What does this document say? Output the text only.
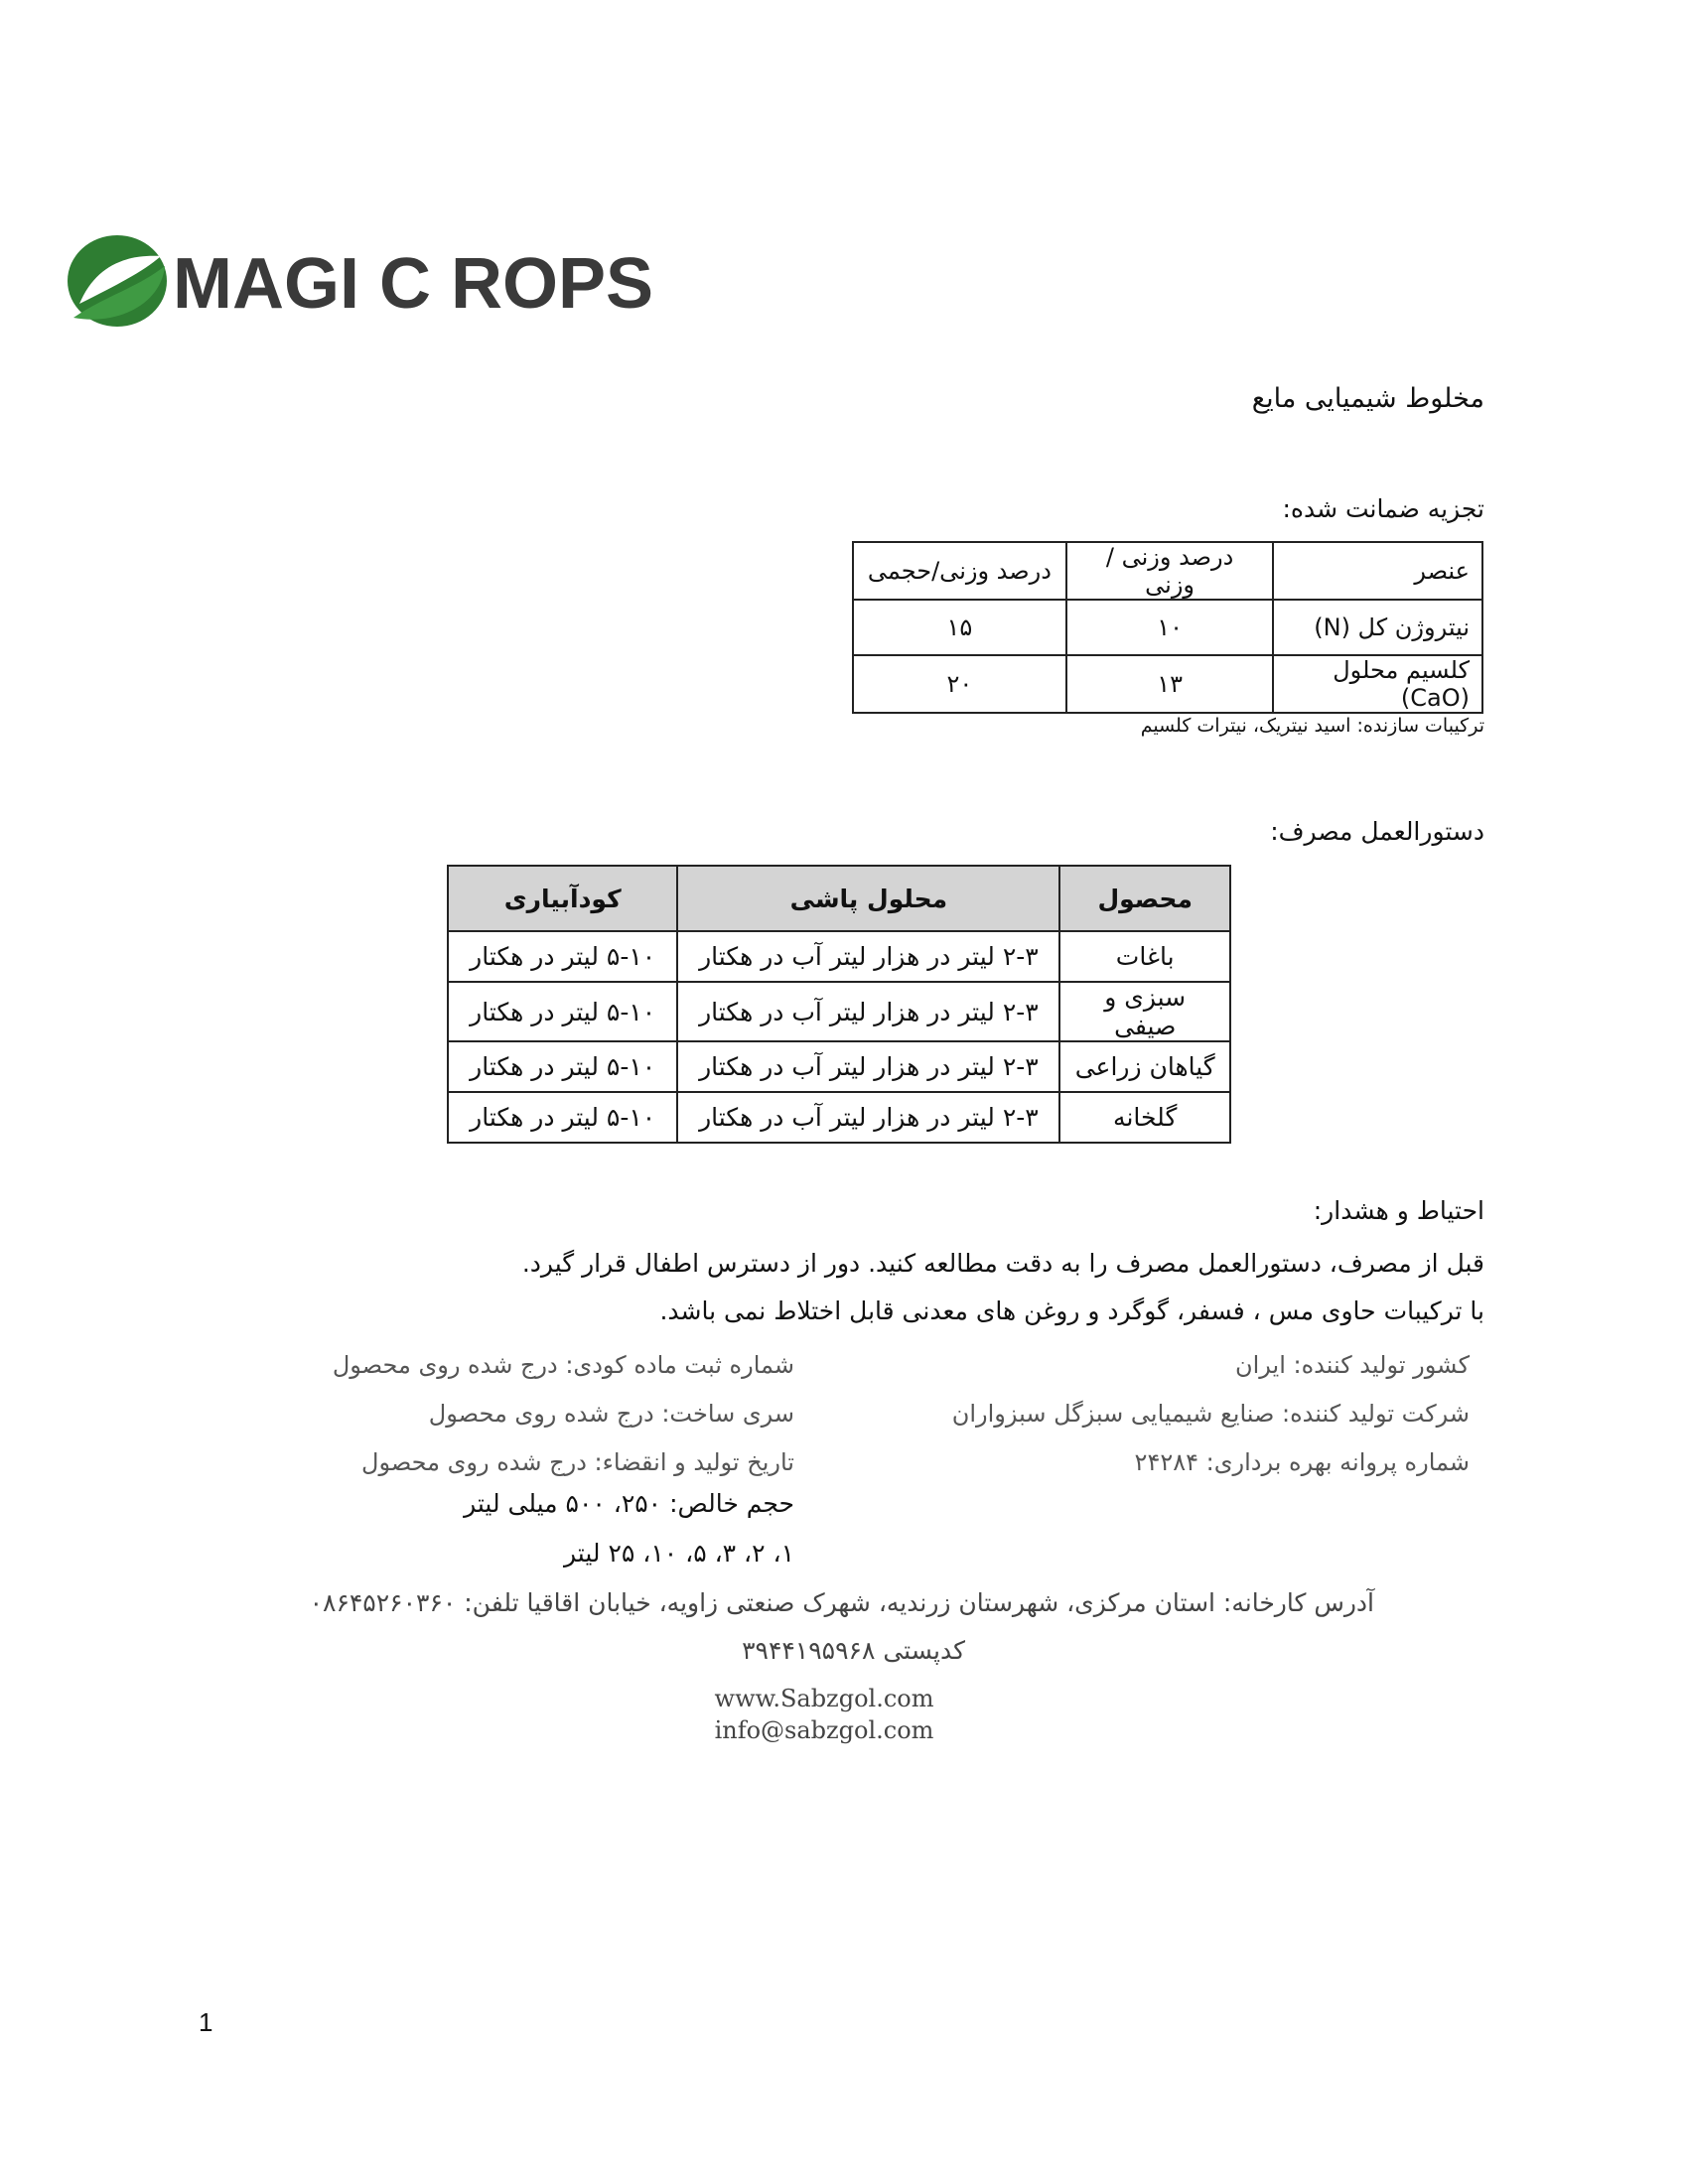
MAGI C ROPS
مخلوط شیمیایی مایع
تجزیه ضمانت شده:
عنصر	درصد وزنی / وزنی	درصد وزنی/حجمی
نیتروژن کل (N)	۱۰	۱۵
کلسیم محلول (CaO)	۱۳	۲۰
ترکیبات سازنده: اسید نیتریک، نیترات کلسیم
دستورالعمل مصرف:
محصول	محلول پاشی	کودآبیاری
باغات	۲-۳ لیتر در هزار لیتر آب در هکتار	۵-۱۰ لیتر در هکتار
سبزی و صیفی	۲-۳ لیتر در هزار لیتر آب در هکتار	۵-۱۰ لیتر در هکتار
گیاهان زراعی	۲-۳ لیتر در هزار لیتر آب در هکتار	۵-۱۰ لیتر در هکتار
گلخانه	۲-۳ لیتر در هزار لیتر آب در هکتار	۵-۱۰ لیتر در هکتار
احتیاط و هشدار:
قبل از مصرف، دستورالعمل مصرف را به دقت مطالعه کنید. دور از دسترس اطفال قرار گیرد.
با ترکیبات حاوی مس ، فسفر، گوگرد و روغن های معدنی قابل اختلاط نمی باشد.
کشور تولید کننده: ایران
شرکت تولید کننده: صنایع شیمیایی سبزگل سبزواران
شماره پروانه بهره برداری: ۲۴۲۸۴
شماره ثبت ماده کودی: درج شده روی محصول
سری ساخت: درج شده روی محصول
تاریخ تولید و انقضاء: درج شده روی محصول
حجم خالص: ۲۵۰، ۵۰۰ میلی لیتر
۱، ۲، ۳، ۵، ۱۰، ۲۵ لیتر
آدرس کارخانه: استان مرکزی، شهرستان زرندیه، شهرک صنعتی زاویه، خیابان اقاقیا تلفن: ۰۸۶۴۵۲۶۰۳۶۰
کدپستی ۳۹۴۴۱۹۵۹۶۸
www.Sabzgol.com
info@sabzgol.com
1
